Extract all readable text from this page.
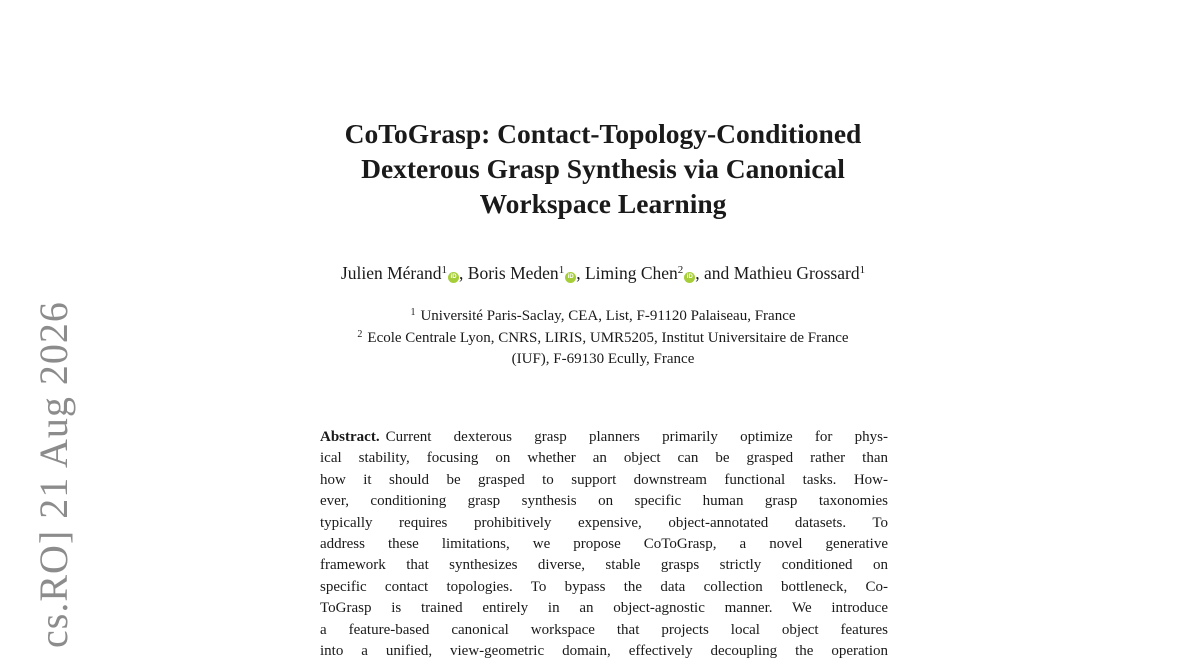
cs.RO] 21 Aug 2026
CoToGrasp: Contact-Topology-Conditioned
Dexterous Grasp Synthesis via Canonical
Workspace Learning
Julien Mérand$^1$iD , Boris Meden$^1$iD , Liming Chen$^2$iD , and Mathieu Grossard$^1$
$^1$ Université Paris-Saclay, CEA, List, F-91120 Palaiseau, France
$^2$ Ecole Centrale Lyon, CNRS, LIRIS, UMR5205, Institut Universitaire de France
(IUF), F-69130 Ecully, France
Abstract. Current dexterous grasp planners primarily optimize for phys-
ical stability, focusing on whether an object can be grasped rather than
how it should be grasped to support downstream functional tasks. How-
ever, conditioning grasp synthesis on specific human grasp taxonomies
typically requires prohibitively expensive, object-annotated datasets. To
address these limitations, we propose CoToGrasp, a novel generative
framework that synthesizes diverse, stable grasps strictly conditioned on
specific contact topologies. To bypass the data collection bottleneck, Co-
ToGrasp is trained entirely in an object-agnostic manner. We introduce
a feature-based canonical workspace that projects local object features
into a unified, view-geometric domain, effectively decoupling the operation
